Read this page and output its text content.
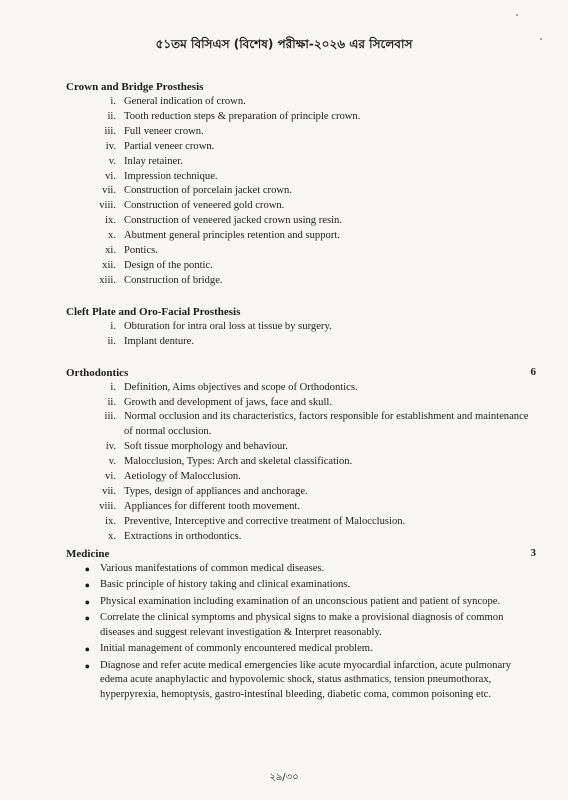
৫১তম বিসিএস (বিশেষ) পরীক্ষা-২০২৬ এর সিলেবাস
Crown and Bridge Prosthesis
i. General indication of crown.
ii. Tooth reduction steps & preparation of principle crown.
iii. Full veneer crown.
iv. Partial veneer crown.
v. Inlay retainer.
vi. Impression technique.
vii. Construction of porcelain jacket crown.
viii. Construction of veneered gold crown.
ix. Construction of veneered jacked crown using resin.
x. Abutment general principles retention and support.
xi. Pontics.
xii. Design of the pontic.
xiii. Construction of bridge.
Cleft Plate and Oro-Facial Prosthesis
i. Obturation for intra oral loss at tissue by surgery.
ii. Implant denture.
Orthodontics	6
i. Definition, Aims objectives and scope of Orthodontics.
ii. Growth and development of jaws, face and skull.
iii. Normal occlusion and its characteristics, factors responsible for establishment and maintenance of normal occlusion.
iv. Soft tissue morphology and behaviour.
v. Malocclusion, Types: Arch and skeletal classification.
vi. Aetiology of Malocclusion.
vii. Types, design of appliances and anchorage.
viii. Appliances for different tooth movement.
ix. Preventive, Interceptive and corrective treatment of Malocclusion.
x. Extractions in orthodontics.
Medicine	3
● Various manifestations of common medical diseases.
● Basic principle of history taking and clinical examinations.
● Physical examination including examination of an unconscious patient and patient of syncope.
● Correlate the clinical symptoms and physical signs to make a provisional diagnosis of common diseases and suggest relevant investigation & Interpret reasonably.
● Initial management of commonly encountered medical problem.
● Diagnose and refer acute medical emergencies like acute myocardial infarction, acute pulmonary edema acute anaphylactic and hypovolemic shock, status asthmatics, tension pneumothorax, hyperpyrexia, hemoptysis, gastro-intestinal bleeding, diabetic coma, common poisoning etc.
২৯/৩০
